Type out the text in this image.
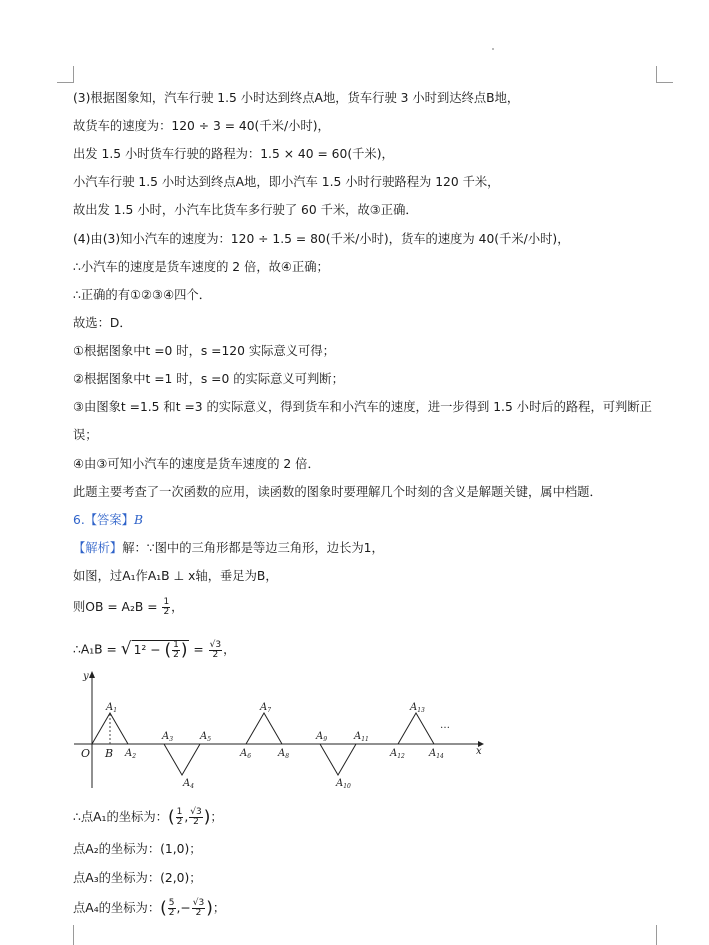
(3)根据图象知，汽车行驶 1.5 小时达到终点A地，货车行驶 3 小时到达终点B地，
故货车的速度为：120 ÷ 3 = 40(千米/小时)，
出发 1.5 小时货车行驶的路程为：1.5 × 40 = 60(千米)，
小汽车行驶 1.5 小时达到终点A地，即小汽车 1.5 小时行驶路程为 120 千米，
故出发 1.5 小时，小汽车比货车多行驶了 60 千米，故③正确．
(4)由(3)知小汽车的速度为：120 ÷ 1.5 = 80(千米/小时)，货车的速度为 40(千米/小时)，
∴小汽车的速度是货车速度的 2 倍，故④正确；
∴正确的有①②③④四个．
故选：D．
①根据图象中t =0 时，s =120 实际意义可得；
②根据图象中t =1 时，s =0 的实际意义可判断；
③由图象t =1.5 和t =3 的实际意义，得到货车和小汽车的速度，进一步得到 1.5 小时后的路程，可判断正
误；
④由③可知小汽车的速度是货车速度的 2 倍．
此题主要考查了一次函数的应用，读函数的图象时要理解几个时刻的含义是解题关键，属中档题．
6.【答案】B
【解析】解：∵图中的三角形都是等边三角形，边长为1，
如图，过A₁作A₁B ⊥ x轴，垂足为B，
则OB = $A_2B = \frac{1}{2}$ ，
∴A₁B = √ 1² − ( $\frac{1}{2}$ ) = $\frac{√3}{2}$ ，
y
x
O B
…
$A_1$
$A_2$
$A_3$
$A_4$
$A_5$
$A_6$
$A_7$
$A_8$
$A_9$
$A_{10}$
$A_{11}$
$A_{12}$
$A_{13}$
$A_{14}$
∴点A₁的坐标为：( $\frac{1}{2}$ , $\frac{√3}{2}$ )；
点A₂的坐标为：(1,0)；
点A₃的坐标为：(2,0)；
点A₄的坐标为：( $\frac{5}{2}$ ,− $\frac{√3}{2}$ )；
